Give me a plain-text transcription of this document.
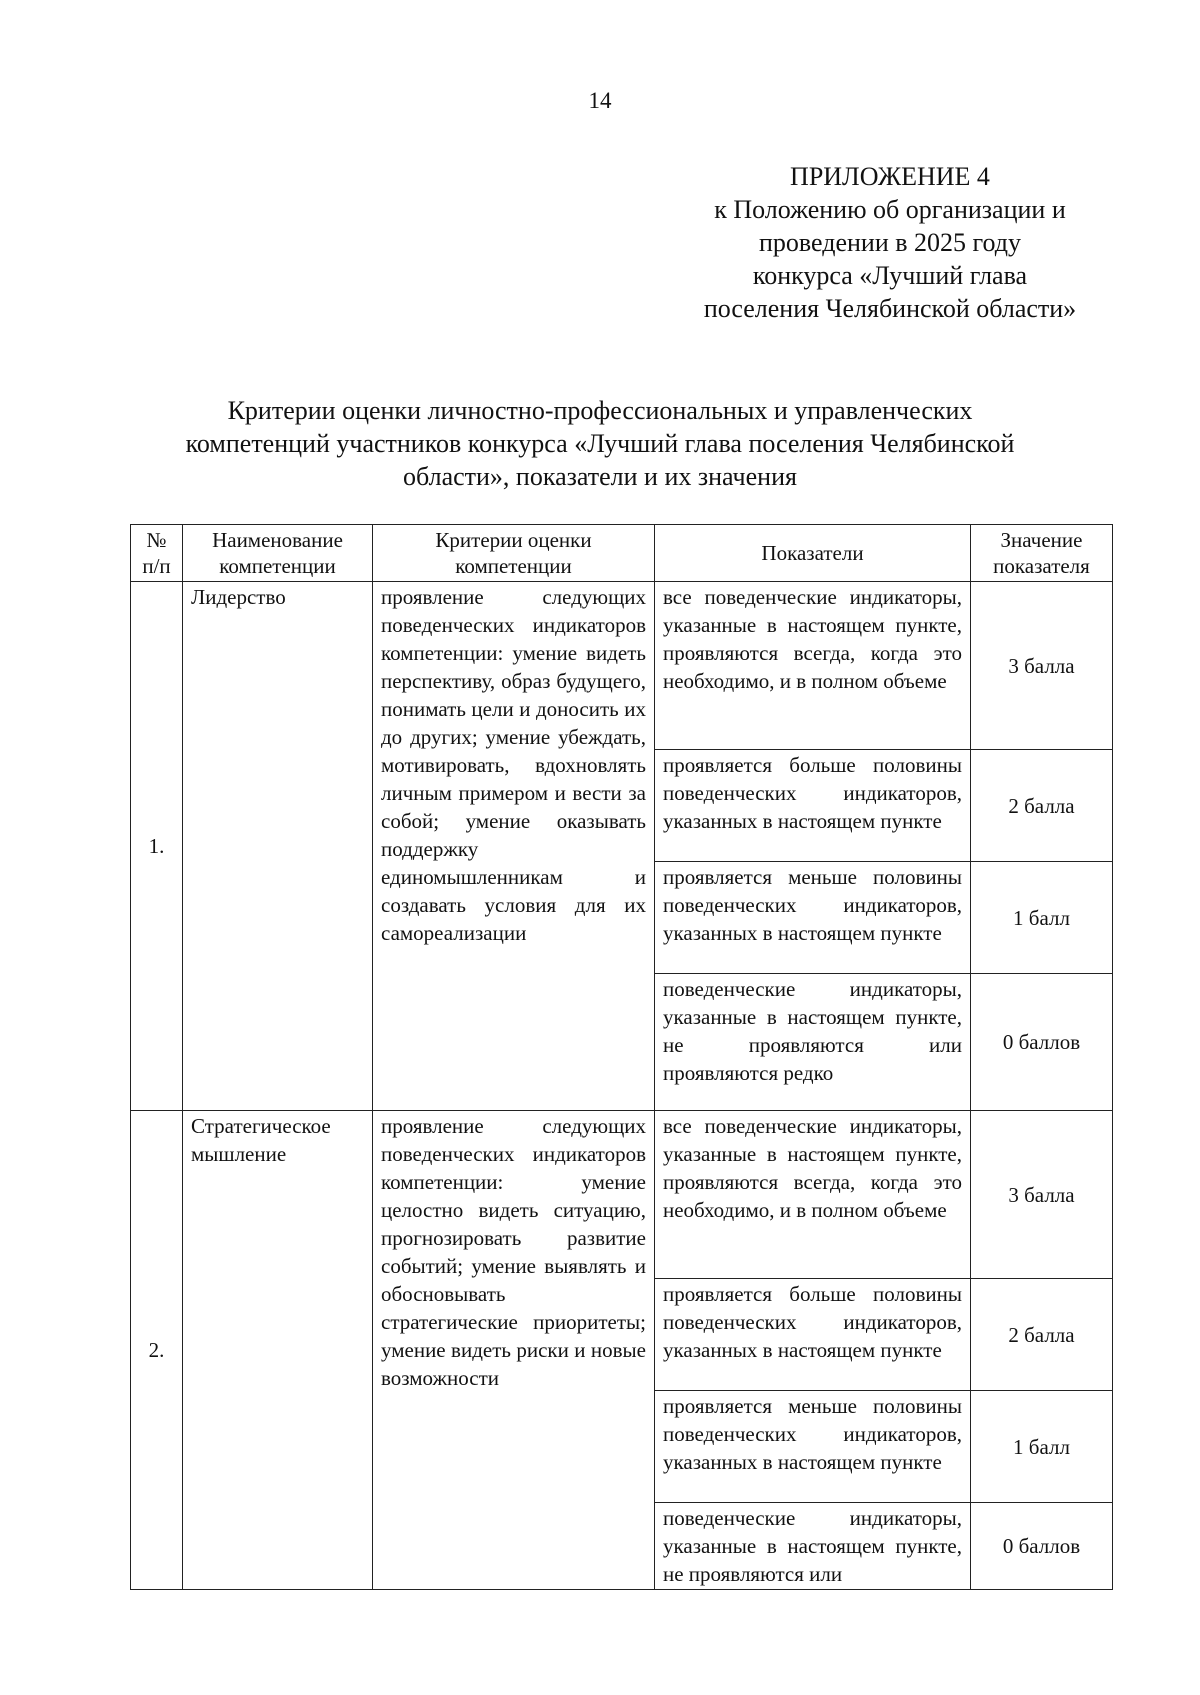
14
ПРИЛОЖЕНИЕ 4
к Положению об организации и
проведении в 2025 году
конкурса «Лучший глава
поселения Челябинской области»
Критерии оценки личностно-профессиональных и управленческих
компетенций участников конкурса «Лучший глава поселения Челябинской
области», показатели и их значения
№ п/п	Наименование компетенции	Критерии оценки компетенции	Показатели	Значение показателя
1.	Лидерство	проявление следующих поведенческих индикаторов компетенции: умение видеть перспективу, образ будущего, понимать цели и доносить их до других; умение убеждать, мотивировать, вдохновлять личным примером и вести за собой; умение оказывать поддержку единомышленникам и создавать условия для их самореализации	все поведенческие индикаторы, указанные в настоящем пункте, проявляются всегда, когда это необходимо, и в полном объеме	3 балла
			проявляется больше половины поведенческих индикаторов, указанных в настоящем пункте	2 балла
			проявляется меньше половины поведенческих индикаторов, указанных в настоящем пункте	1 балл
			поведенческие индикаторы, указанные в настоящем пункте, не проявляются или проявляются редко	0 баллов
2.	Стратегическое мышление	проявление следующих поведенческих индикаторов компетенции: умение целостно видеть ситуацию, прогнозировать развитие событий; умение выявлять и обосновывать стратегические приоритеты; умение видеть риски и новые возможности	все поведенческие индикаторы, указанные в настоящем пункте, проявляются всегда, когда это необходимо, и в полном объеме	3 балла
			проявляется больше половины поведенческих индикаторов, указанных в настоящем пункте	2 балла
			проявляется меньше половины поведенческих индикаторов, указанных в настоящем пункте	1 балл
			поведенческие индикаторы, указанные в настоящем пункте, не проявляются или	0 баллов
